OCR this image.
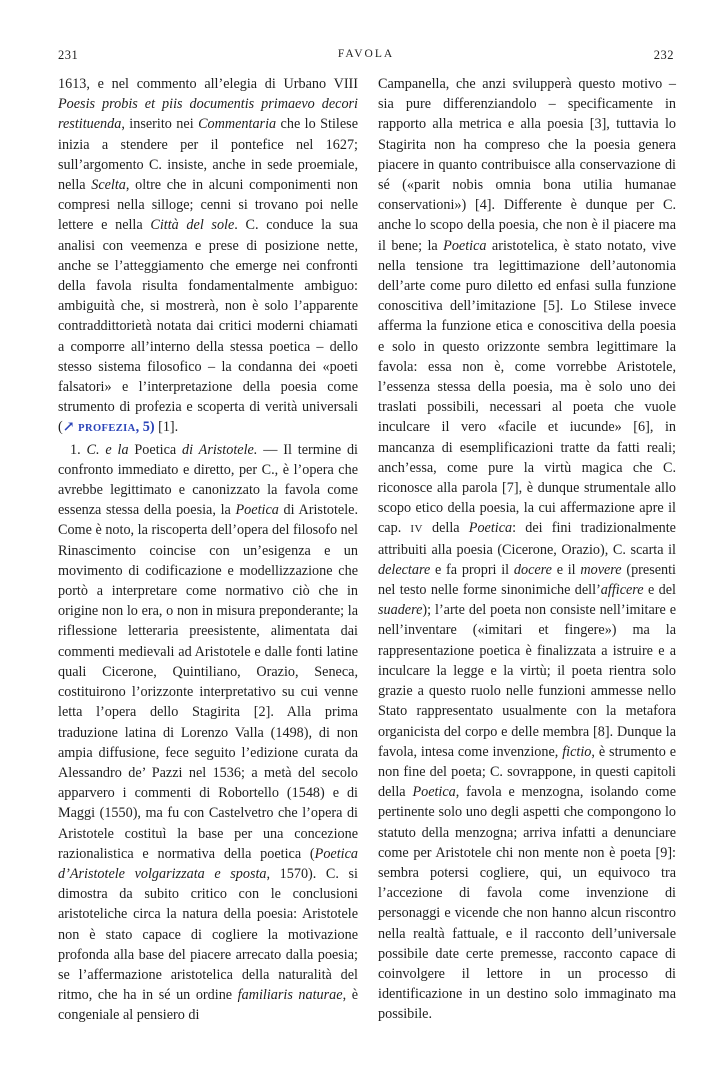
231	FAVOLA	232

1613, e nel commento all’elegia di Urbano VIII Poesis probis et piis documentis primaevo decori restituenda, inserito nei Commentaria che lo Stilese inizia a stendere per il pontefice nel 1627; sull’argomento C. insiste, anche in sede proemiale, nella Scelta, oltre che in alcuni componimenti non compresi nella silloge; cenni si trovano poi nelle lettere e nella Città del sole. C. conduce la sua analisi con veemenza e prese di posizione nette, anche se l’atteggiamento che emerge nei confronti della favola risulta fondamentalmente ambiguo: ambiguità che, si mostrerà, non è solo l’apparente contraddittorietà notata dai critici moderni chiamati a comporre all’interno della stessa poetica – dello stesso sistema filosofico – la condanna dei «poeti falsatori» e l’interpretazione della poesia come strumento di profezia e scoperta di verità universali (↗ PROFEZIA, 5) [1].

1. C. e la Poetica di Aristotele. — Il termine di confronto immediato e diretto, per C., è l’opera che avrebbe legittimato e canonizzato la favola come essenza stessa della poesia, la Poetica di Aristotele. Come è noto, la riscoperta dell’opera del filosofo nel Rinascimento coincise con un’esigenza e un movimento di codificazione e modellizzazione che portò a interpretare come normativo ciò che in origine non lo era, o non in misura preponderante; la riflessione letteraria preesistente, alimentata dai commenti medievali ad Aristotele e dalle fonti latine quali Cicerone, Quintiliano, Orazio, Seneca, costituirono l’orizzonte interpretativo su cui venne letta l’opera dello Stagirita [2]. Alla prima traduzione latina di Lorenzo Valla (1498), di non ampia diffusione, fece seguito l’edizione curata da Alessandro de’ Pazzi nel 1536; a metà del secolo apparvero i commenti di Robortello (1548) e di Maggi (1550), ma fu con Castelvetro che l’opera di Aristotele costituì la base per una concezione razionalistica e normativa della poetica (Poetica d’Aristotele volgarizzata e sposta, 1570). C. si dimostra da subito critico con le conclusioni aristoteliche circa la natura della poesia: Aristotele non è stato capace di cogliere la motivazione profonda alla base del piacere arrecato dalla poesia; se l’affermazione aristotelica della naturalità del ritmo, che ha in sé un ordine familiaris naturae, è congeniale al pensiero di

Campanella, che anzi svilupperà questo motivo – sia pure differenziandolo – specificamente in rapporto alla metrica e alla poesia [3], tuttavia lo Stagirita non ha compreso che la poesia genera piacere in quanto contribuisce alla conservazione di sé («parit nobis omnia bona utilia humanae conservationi») [4]. Differente è dunque per C. anche lo scopo della poesia, che non è il piacere ma il bene; la Poetica aristotelica, è stato notato, vive nella tensione tra legittimazione dell’autonomia dell’arte come puro diletto ed enfasi sulla funzione conoscitiva dell’imitazione [5]. Lo Stilese invece afferma la funzione etica e conoscitiva della poesia e solo in questo orizzonte sembra legittimare la favola: essa non è, come vorrebbe Aristotele, l’essenza stessa della poesia, ma è solo uno dei traslati possibili, necessari al poeta che vuole inculcare il vero «facile et iucunde» [6], in mancanza di esemplificazioni tratte da fatti reali; anch’essa, come pure la virtù magica che C. riconosce alla parola [7], è dunque strumentale allo scopo etico della poesia, la cui affermazione apre il cap. IV della Poetica: dei fini tradizionalmente attribuiti alla poesia (Cicerone, Orazio), C. scarta il delectare e fa propri il docere e il movere (presenti nel testo nelle forme sinonimiche dell’afficere e del suadere); l’arte del poeta non consiste nell’imitare e nell’inventare («imitari et fingere») ma la rappresentazione poetica è finalizzata a istruire e a inculcare la legge e la virtù; il poeta rientra solo grazie a questo ruolo nelle funzioni ammesse nello Stato rappresentato usualmente con la metafora organicista del corpo e delle membra [8]. Dunque la favola, intesa come invenzione, fictio, è strumento e non fine del poeta; C. sovrappone, in questi capitoli della Poetica, favola e menzogna, isolando come pertinente solo uno degli aspetti che compongono lo statuto della menzogna; arriva infatti a denunciare come per Aristotele chi non mente non è poeta [9]: sembra potersi cogliere, qui, un equivoco tra l’accezione di favola come invenzione di personaggi e vicende che non hanno alcun riscontro nella realtà fattuale, e il racconto dell’universale possibile date certe premesse, racconto capace di coinvolgere il lettore in un processo di identificazione in un destino solo immaginato ma possibile.
